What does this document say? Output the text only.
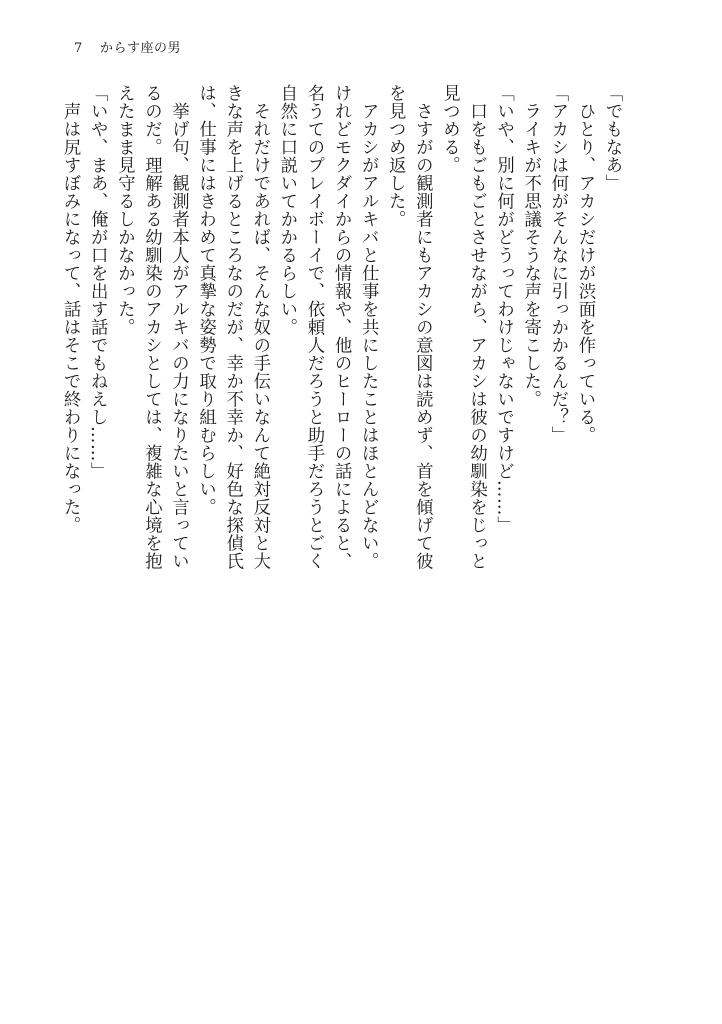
7 からす座の男
「でもなあ」
　ひとり、アカシだけが渋面を作っている。
「アカシは何がそんなに引っかかるんだ？」
　ライキが不思議そうな声を寄こした。
「いや、別に何がどうってわけじゃないですけど……」
　口をもごもごとさせながら、アカシは彼の幼馴染をじっと
見つめる。
　さすがの観測者にもアカシの意図は読めず、首を傾げて彼
を見つめ返した。
　アカシがアルキバと仕事を共にしたことはほとんどない。
けれどモクダイからの情報や、他のヒーローの話によると、
名うてのプレイボーイで、依頼人だろうと助手だろうとごく
自然に口説いてかかるらしい。
　それだけであれば、そんな奴の手伝いなんて絶対反対と大
きな声を上げるところなのだが、幸か不幸か、好色な探偵氏
は、仕事にはきわめて真摯な姿勢で取り組むらしい。
　挙げ句、観測者本人がアルキバの力になりたいと言ってい
るのだ。理解ある幼馴染のアカシとしては、複雑な心境を抱
えたまま見守るしかなかった。
「いや、まあ、俺が口を出す話でもねえし……」
　声は尻すぼみになって、話はそこで終わりになった。
